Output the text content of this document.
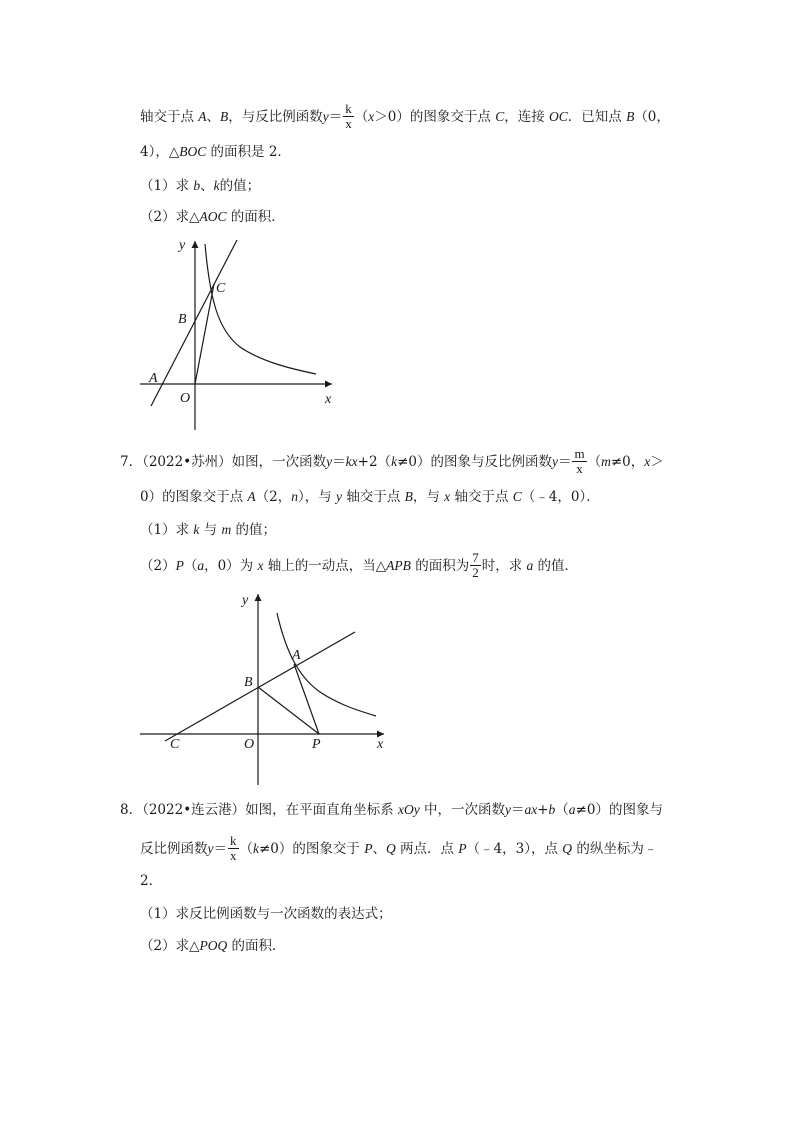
轴交于点 A、B，与反比例函数$y= \frac{k}{x} (x>0)$的图象交于点 C，连接 OC．已知点 B（0，
4），△BOC 的面积是 2．
（1）求 b、k的值；
（2）求△AOC 的面积．
y
x
O
A
B
C
7．（2022•苏州）如图，一次函数y＝kx+2（k≠0）的图象与反比例函数$y= \frac{m}{x} (m\ne 0$，x＞
0）的图象交于点 A（2，n），与 y 轴交于点 B，与 x 轴交于点 C（﹣4，0）．
（1）求 k 与 m 的值；
（2）P（a，0）为 x 轴上的一动点，当△APB 的面积为 $\frac{7}{2}$ 时，求 a 的值．
y
x
O
C	P
B
A
8．（2022•连云港）如图，在平面直角坐标系 xOy 中，一次函数y＝ax+b（a≠0）的图象与
反比例函数$y= \frac{k}{x} (k\ne 0)$的图象交于 P、Q 两点．点 P（﹣4，3），点 Q 的纵坐标为﹣
2．
（1）求反比例函数与一次函数的表达式；
（2）求△POQ 的面积．
